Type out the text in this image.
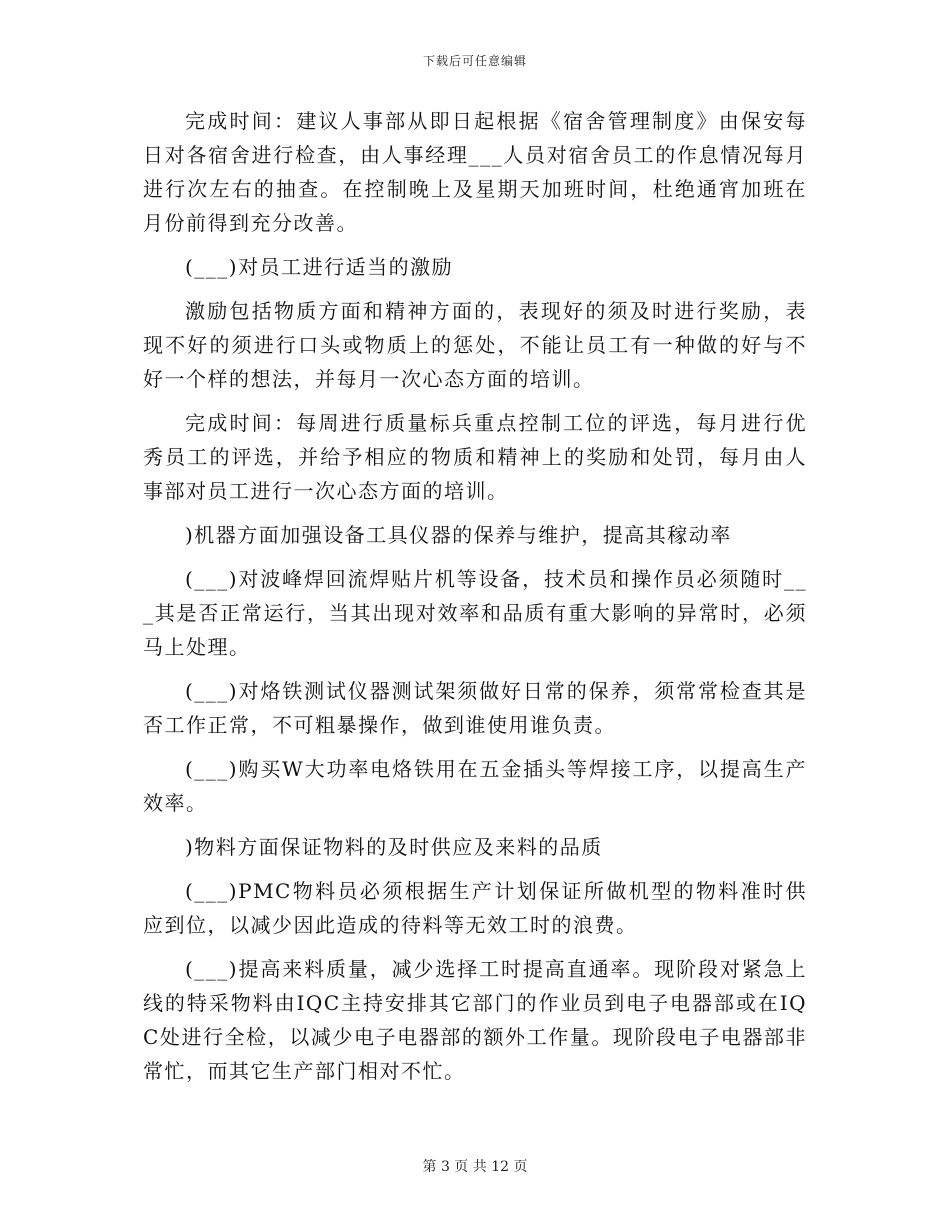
下载后可任意编辑

完成时间：建议人事部从即日起根据《宿舍管理制度》由保安每日对各宿舍进行检查，由人事经理___人员对宿舍员工的作息情况每月进行次左右的抽查。在控制晚上及星期天加班时间，杜绝通宵加班在月份前得到充分改善。

(___)对员工进行适当的激励

激励包括物质方面和精神方面的，表现好的须及时进行奖励，表现不好的须进行口头或物质上的惩处，不能让员工有一种做的好与不好一个样的想法，并每月一次心态方面的培训。

完成时间：每周进行质量标兵重点控制工位的评选，每月进行优秀员工的评选，并给予相应的物质和精神上的奖励和处罚，每月由人事部对员工进行一次心态方面的培训。

)机器方面加强设备工具仪器的保养与维护，提高其稼动率

(___)对波峰焊回流焊贴片机等设备，技术员和操作员必须随时___其是否正常运行，当其出现对效率和品质有重大影响的异常时，必须马上处理。

(___)对烙铁测试仪器测试架须做好日常的保养，须常常检查其是否工作正常，不可粗暴操作，做到谁使用谁负责。

(___)购买W大功率电烙铁用在五金插头等焊接工序，以提高生产效率。

)物料方面保证物料的及时供应及来料的品质

(___)PMC物料员必须根据生产计划保证所做机型的物料准时供应到位，以减少因此造成的待料等无效工时的浪费。

(___)提高来料质量，减少选择工时提高直通率。现阶段对紧急上线的特采物料由IQC主持安排其它部门的作业员到电子电器部或在IQC处进行全检，以减少电子电器部的额外工作量。现阶段电子电器部非常忙，而其它生产部门相对不忙。

第 3 页 共 12 页
